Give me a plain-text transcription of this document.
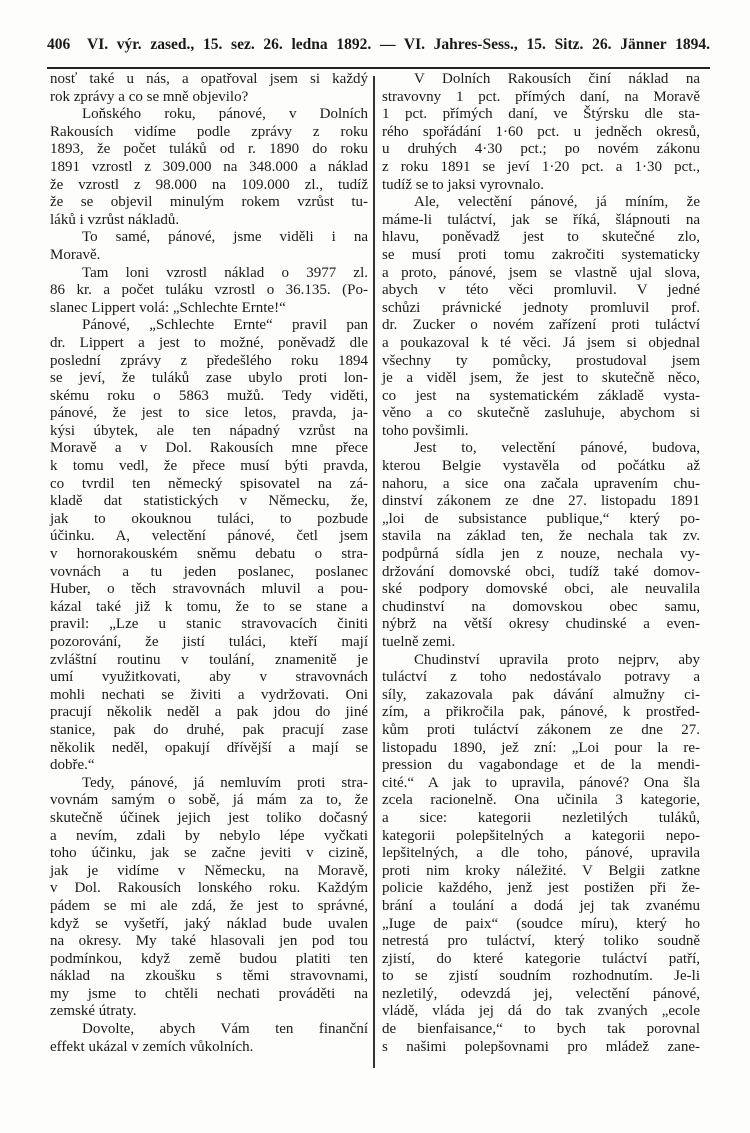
406 VI. výr. zased., 15. sez. 26. ledna 1892. — VI. Jahres-Sess., 15. Sitz. 26. Jänner 1894.
nosť také u nás, a opatřoval jsem si každý
rok zprávy a co se mně objevilo?
Loňského roku, pánové, v Dolních
Rakousích vidíme podle zprávy z roku
1893, že počet tuláků od r. 1890 do roku
1891 vzrostl z 309.000 na 348.000 a náklad
že vzrostl z 98.000 na 109.000 zl., tudíž
že se objevil minulým rokem vzrůst tu-
láků i vzrůst nákladů.
To samé, pánové, jsme viděli i na
Moravě.
Tam loni vzrostl náklad o 3977 zl.
86 kr. a počet tuláku vzrostl o 36.135. (Po-
slanec Lippert volá: „Schlechte Ernte!“
Pánové, „Schlechte Ernte“ pravil pan
dr. Lippert a jest to možné, poněvadž dle
poslední zprávy z předešlého roku 1894
se jeví, že tuláků zase ubylo proti lon-
skému roku o 5863 mužů. Tedy viděti,
pánové, že jest to sice letos, pravda, ja-
kýsi úbytek, ale ten nápadný vzrůst na
Moravě a v Dol. Rakousích mne přece
k tomu vedl, že přece musí býti pravda,
co tvrdil ten německý spisovatel na zá-
kladě dat statistických v Německu, že,
jak to okouknou tuláci, to pozbude
účinku. A, velectění pánové, četl jsem
v hornorakouském sněmu debatu o stra-
vovnách a tu jeden poslanec, poslanec
Huber, o těch stravovnách mluvil a pou-
kázal také již k tomu, že to se stane a
pravil: „Lze u stanic stravovacích činiti
pozorování, že jistí tuláci, kteří mají
zvláštní routinu v toulání, znamenitě je
umí využitkovati, aby v stravovnách
mohli nechati se živiti a vydržovati. Oni
pracují několik neděl a pak jdou do jiné
stanice, pak do druhé, pak pracují zase
několik neděl, opakují dřívější a mají se
dobře.“
Tedy, pánové, já nemluvím proti stra-
vovnám samým o sobě, já mám za to, že
skutečně účinek jejich jest toliko dočasný
a nevím, zdali by nebylo lépe vyčkati
toho účinku, jak se začne jeviti v cizině,
jak je vidíme v Německu, na Moravě,
v Dol. Rakousích lonského roku. Každým
pádem se mi ale zdá, že jest to správné,
když se vyšetří, jaký náklad bude uvalen
na okresy. My také hlasovali jen pod tou
podmínkou, když země budou platiti ten
náklad na zkoušku s těmi stravovnami,
my jsme to chtěli nechati prováděti na
zemské útraty.
Dovolte, abych Vám ten finanční
effekt ukázal v zemích vůkolních.
V Dolních Rakousích činí náklad na
stravovny 1 pct. přímých daní, na Moravě
1 pct. přímých daní, ve Štýrsku dle sta-
rého spořádání 1·60 pct. u jedněch okresů,
u druhých 4·30 pct.; po novém zákonu
z roku 1891 se jeví 1·20 pct. a 1·30 pct.,
tudíž se to jaksi vyrovnalo.
Ale, velectění pánové, já míním, že
máme-li tuláctví, jak se říká, šlápnouti na
hlavu, poněvadž jest to skutečné zlo,
se musí proti tomu zakročiti systematicky
a proto, pánové, jsem se vlastně ujal slova,
abych v této věci promluvil. V jedné
schůzi právnické jednoty promluvil prof.
dr. Zucker o novém zařízení proti tuláctví
a poukazoval k té věci. Já jsem si objednal
všechny ty pomůcky, prostudoval jsem
je a viděl jsem, že jest to skutečně něco,
co jest na systematickém základě vysta-
věno a co skutečně zasluhuje, abychom si
toho povšimli.
Jest to, velectění pánové, budova,
kterou Belgie vystavěla od počátku až
nahoru, a sice ona začala upravením chu-
dinství zákonem ze dne 27. listopadu 1891
„loi de subsistance publique,“ který po-
stavila na základ ten, že nechala tak zv.
podpůrná sídla jen z nouze, nechala vy-
držování domovské obci, tudíž také domov-
ské podpory domovské obci, ale neuvalila
chudinství na domovskou obec samu,
nýbrž na větší okresy chudinské a even-
tuelně zemi.
Chudinství upravila proto nejprv, aby
tuláctví z toho nedostávalo potravy a
síly, zakazovala pak dávání almužny ci-
zím, a přikročila pak, pánové, k prostřed-
kům proti tuláctví zákonem ze dne 27.
listopadu 1890, jež zní: „Loi pour la re-
pression du vagabondage et de la mendi-
cité.“ A jak to upravila, pánové? Ona šla
zcela racionelně. Ona učinila 3 kategorie,
a sice: kategorii nezletilých tuláků,
kategorii polepšitelných a kategorii nepo-
lepšitelných, a dle toho, pánové, upravila
proti nim kroky náležité. V Belgii zatkne
policie každého, jenž jest postižen při že-
brání a toulání a dodá jej tak zvanému
„Iuge de paix“ (soudce míru), který ho
netrestá pro tuláctví, který toliko soudně
zjistí, do které kategorie tuláctví patří,
to se zjistí soudním rozhodnutím. Je-li
nezletilý, odevzdá jej, velectění pánové,
vládě, vláda jej dá do tak zvaných „ecole
de bienfaisance,“ to bych tak porovnal
s našimi polepšovnami pro mládež zane-
